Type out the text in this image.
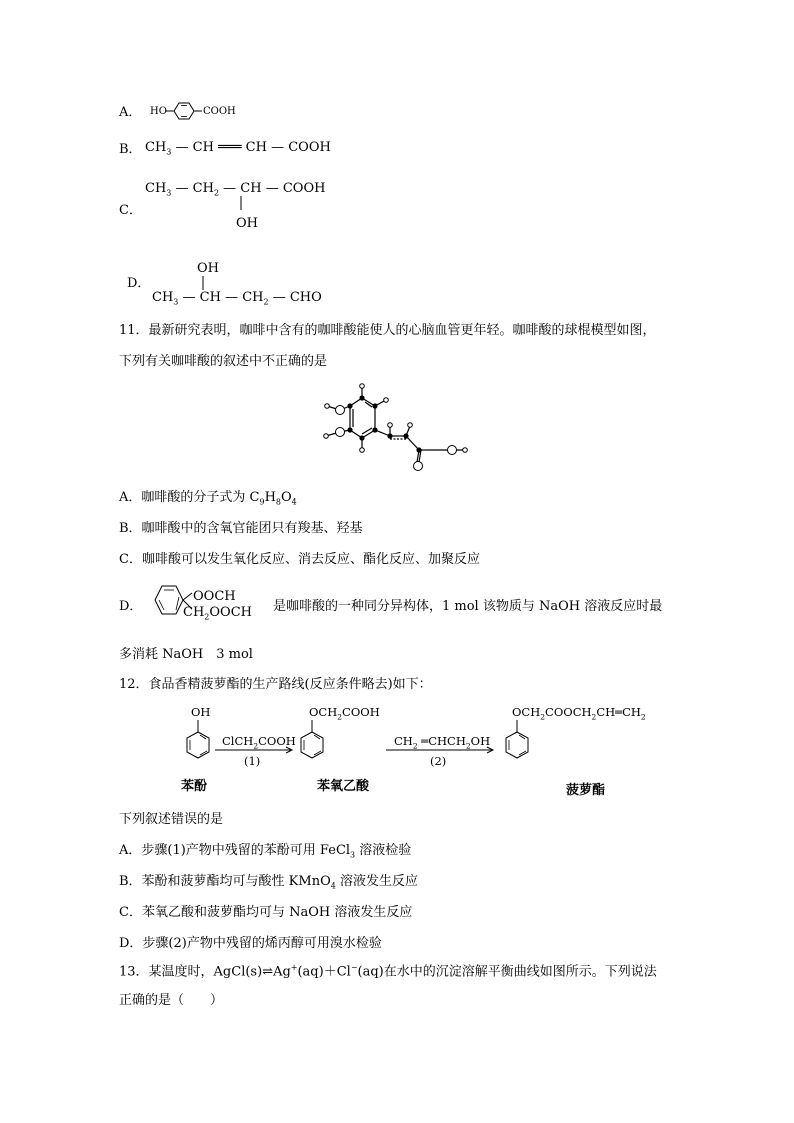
A． HO	COOH
B． $CH_3$ — CH ═══ CH — COOH
$CH_3$ — $CH_2$ — CH — COOH
C．
OH
OH
D．
$CH_3$ — CH — $CH_2$ — CHO
11．最新研究表明，咖啡中含有的咖啡酸能使人的心脑血管更年轻。咖啡酸的球棍模型如图，
下列有关咖啡酸的叙述中不正确的是
A．咖啡酸的分子式为 $C_9H_8O_4$
B．咖啡酸中的含氧官能团只有羧基、羟基
C．咖啡酸可以发生氧化反应、消去反应、酯化反应、加聚反应
D．
OOCH
$CH_2OOCH$ 是咖啡酸的一种同分异构体，1 mol 该物质与 NaOH 溶液反应时最
多消耗 NaOH　3 mol
12．食品香精菠萝酯的生产路线(反应条件略去)如下：
OH
ClCH$_2$COOH
(1)
$OCH_2COOH$
$CH_2$ $═CHCH_2OH$
(2)
$OCH_2COOCH_2CH═CH_2$
苯酚	苯氧乙酸	菠萝酯
下列叙述错误的是
A．步骤(1)产物中残留的苯酚可用 FeCl$_3$ 溶液检验
B．苯酚和菠萝酯均可与酸性 KMnO$_4$ 溶液发生反应
C．苯氧乙酸和菠萝酯均可与 NaOH 溶液发生反应
D．步骤(2)产物中残留的烯丙醇可用溴水检验
13．某温度时，AgCl(s)⇌Ag+(aq)＋Cl−(aq)在水中的沉淀溶解平衡曲线如图所示。下列说法
正确的是（　　）
